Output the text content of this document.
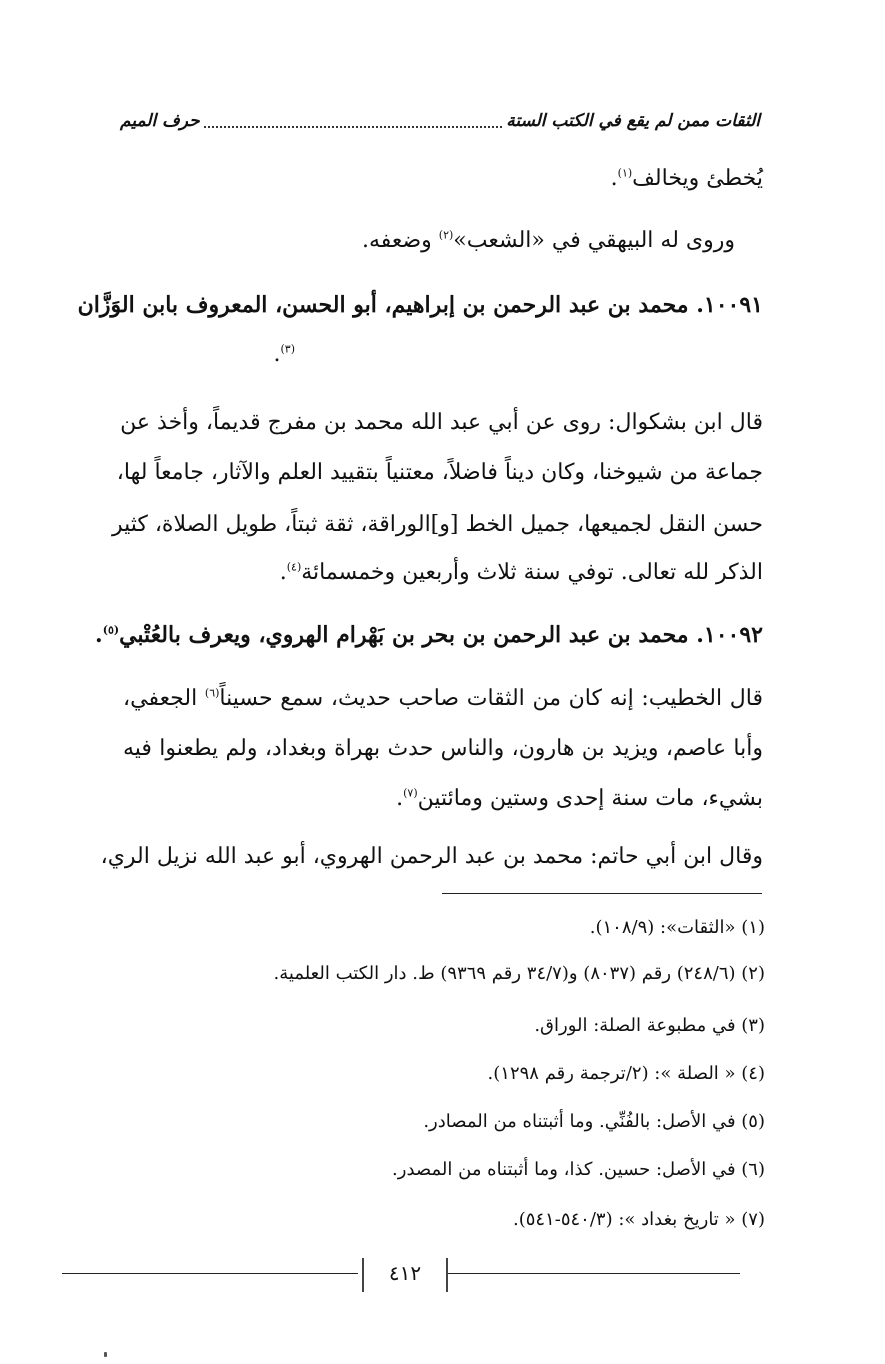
حرف الميم	الثقات ممن لم يقع في الكتب الستة
يُخطئ ويخالف$^{(١)}$.
وروى له البيهقي في «الشعب»$^{(٢)}$ وضعفه.
١٠٠٩١. محمد بن عبد الرحمن بن إبراهيم، أبو الحسن، المعروف بابن الوَزَّان
$^{(٣)}$.
قال ابن بشكوال: روى عن أبي عبد الله محمد بن مفرج قديماً، وأخذ عن
جماعة من شيوخنا، وكان ديناً فاضلاً، معتنياً بتقييد العلم والآثار، جامعاً لها،
حسن النقل لجميعها، جميل الخط [و]الوراقة، ثقة ثبتاً، طويل الصلاة، كثير
الذكر لله تعالى. توفي سنة ثلاث وأربعين وخمسمائة$^{(٤)}$.
١٠٠٩٢. محمد بن عبد الرحمن بن بحر بن بَهْرام الهروي، ويعرف بالعُتْبي$^{(٥)}$.
قال الخطيب: إنه كان من الثقات صاحب حديث، سمع حسيناً$^{(٦)}$ الجعفي،
وأبا عاصم، ويزيد بن هارون، والناس حدث بهراة وبغداد، ولم يطعنوا فيه
بشيء، مات سنة إحدى وستين ومائتين$^{(٧)}$.
وقال ابن أبي حاتم: محمد بن عبد الرحمن الهروي، أبو عبد الله نزيل الري،
(١) «الثقات»: (١٠٨/٩).
(٢) (٢٤٨/٦) رقم (٨٠٣٧) و(٣٤/٧ رقم ٩٣٦٩) ط. دار الكتب العلمية.
(٣) في مطبوعة الصلة: الوراق.
(٤) « الصلة »: (٢/ترجمة رقم ١٢٩٨).
(٥) في الأصل: بالفُنِّي. وما أثبتناه من المصادر.
(٦) في الأصل: حسين. كذا، وما أثبتناه من المصدر.
(٧) « تاريخ بغداد »: (٥٤٠/٣-٥٤١).
٤١٢
